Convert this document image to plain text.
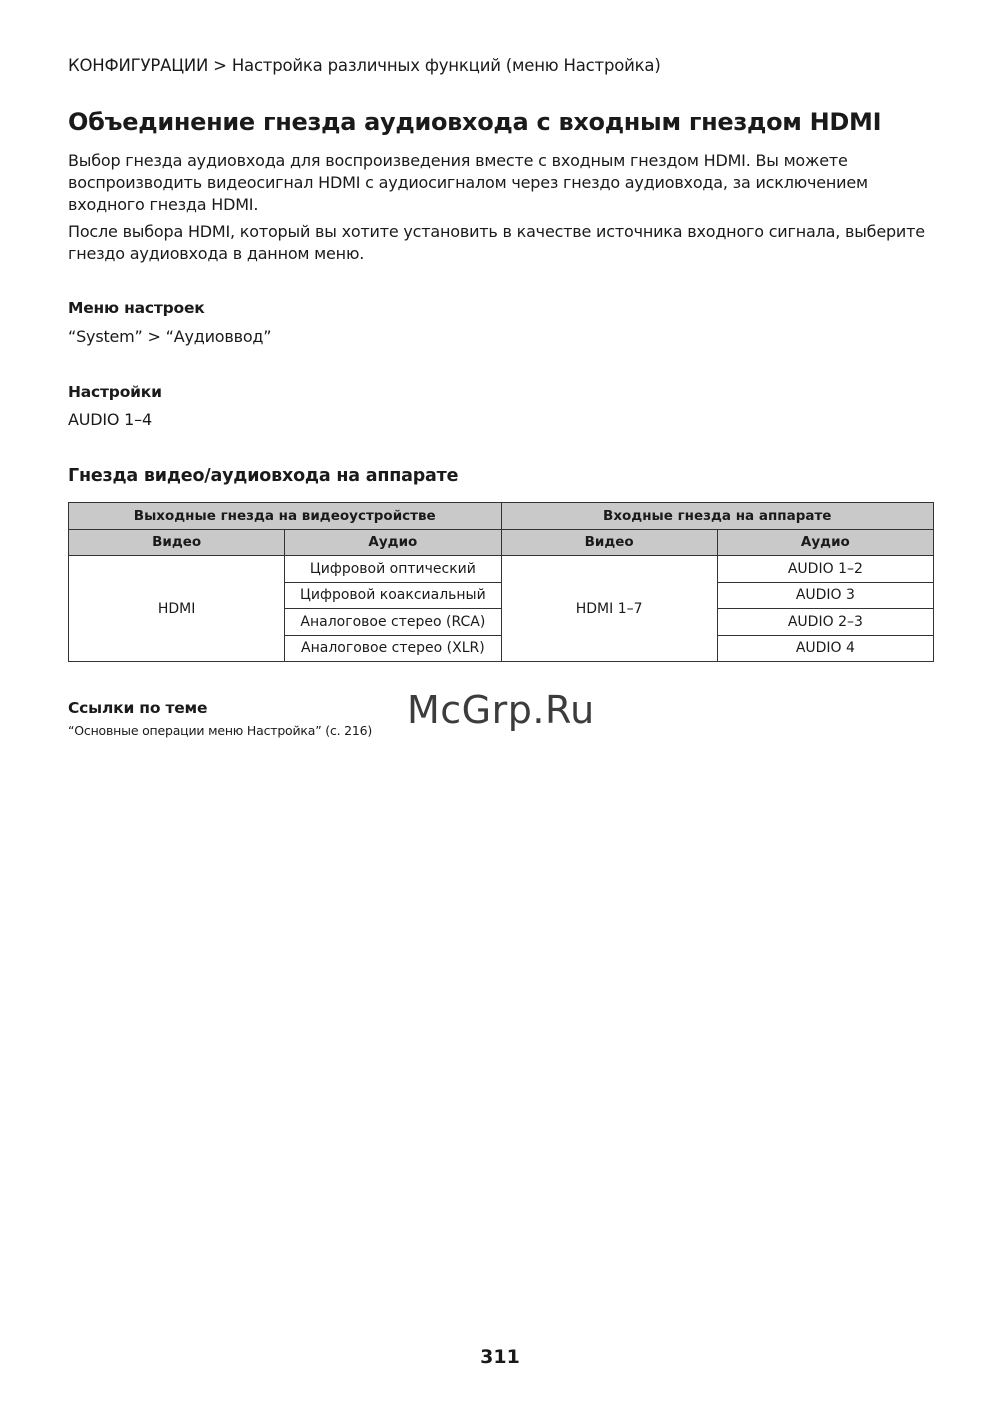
КОНФИГУРАЦИИ > Настройка различных функций (меню Настройка)
Объединение гнезда аудиовхода с входным гнездом HDMI

Выбор гнезда аудиовхода для воспроизведения вместе с входным гнездом HDMI. Вы можете воспроизводить видеосигнал HDMI с аудиосигналом через гнездо аудиовхода, за исключением входного гнезда HDMI.

После выбора HDMI, который вы хотите установить в качестве источника входного сигнала, выберите гнездо аудиовхода в данном меню.

Меню настроек
“System” > “Аудиоввод”
Настройки
AUDIO 1–4
Гнезда видео/аудиовхода на аппарате
Выходные гнезда на видеоустройстве		Входные гнезда на аппарате	
Видео	Аудио	Видео	Аудио
HDMI	Цифровой оптический	HDMI 1–7	AUDIO 1–2
	Цифровой коаксиальный		AUDIO 3
	Аналоговое стерео (RCA)		AUDIO 2–3
	Аналоговое стерео (XLR)		AUDIO 4
Ссылки по теме
“Основные операции меню Настройка” (с. 216) McGrp.Ru
311
